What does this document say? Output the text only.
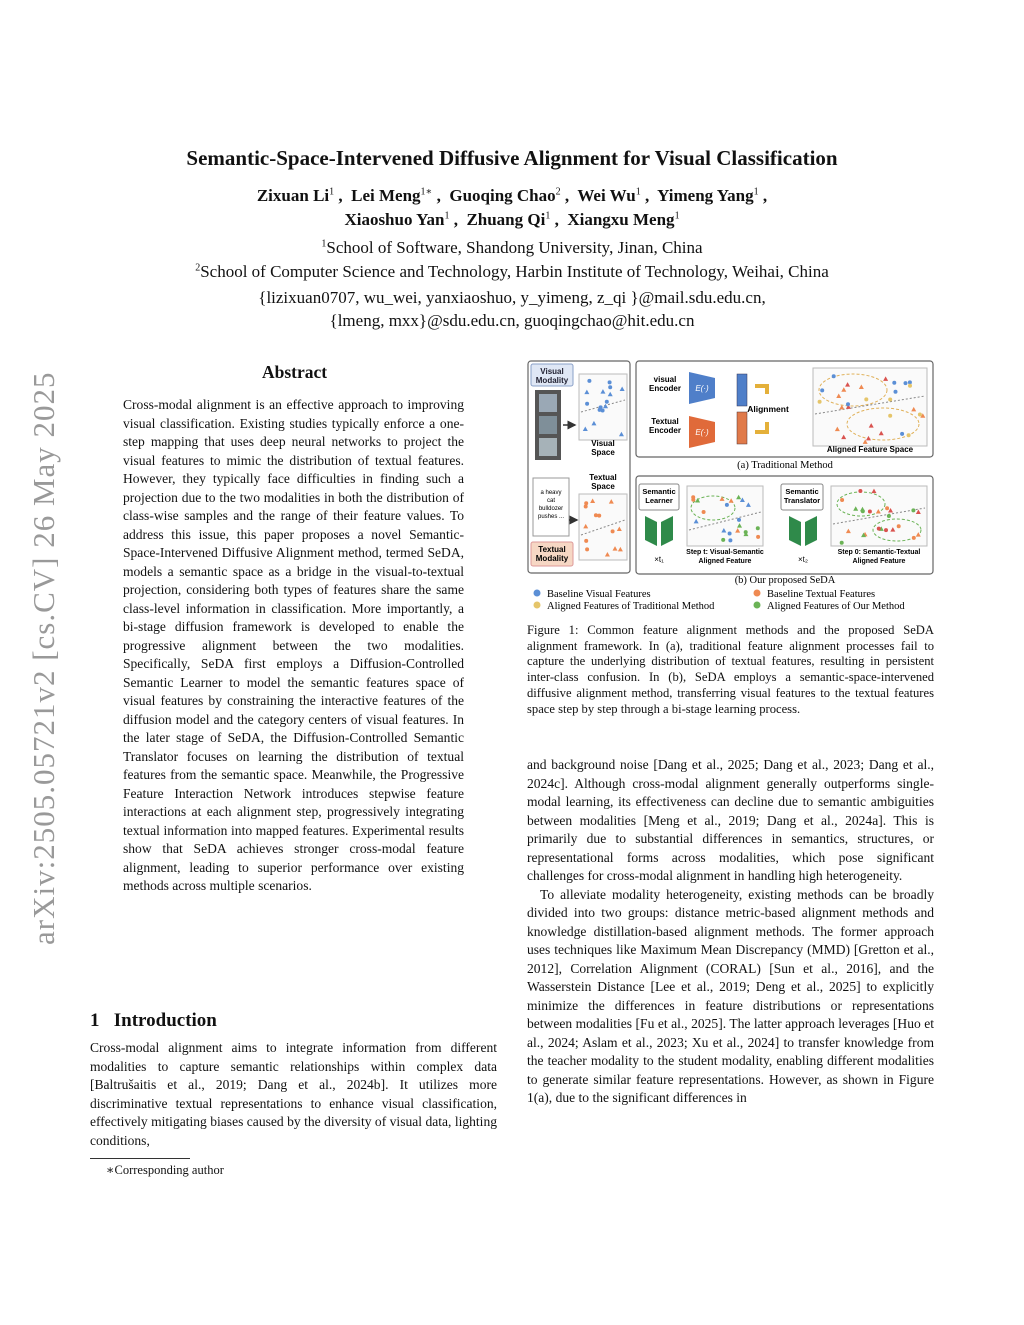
arXiv:2505.05721v2 [cs.CV] 26 May 2025
Semantic-Space-Intervened Diffusive Alignment for Visual Classification
Zixuan Li$^1$ ,  Lei Meng$^{1∗}$ ,  Guoqing Chao$^2$ ,  Wei Wu$^1$ ,  Yimeng Yang$^1$ ,
Xiaoshuo Yan$^1$ ,  Zhuang Qi$^1$ ,  Xiangxu Meng$^1$
$^1$School of Software, Shandong University, Jinan, China
$^2$School of Computer Science and Technology, Harbin Institute of Technology, Weihai, China
{lizixuan0707, wu_wei, yanxiaoshuo, y_yimeng, z_qi }@mail.sdu.edu.cn,
{lmeng, mxx}@sdu.edu.cn, guoqingchao@hit.edu.cn
Abstract
Cross-modal alignment is an effective approach to improving visual classification. Existing studies typically enforce a one-step mapping that uses deep neural networks to project the visual features to mimic the distribution of textual features. However, they typically face difficulties in finding such a projection due to the two modalities in both the distribution of class-wise samples and the range of their feature values. To address this issue, this paper proposes a novel Semantic-Space-Intervened Diffusive Alignment method, termed SeDA, models a semantic space as a bridge in the visual-to-textual projection, considering both types of features share the same class-level information in classification. More importantly, a bi-stage diffusion framework is developed to enable the progressive alignment between the two modalities. Specifically, SeDA first employs a Diffusion-Controlled Semantic Learner to model the semantic features space of visual features by constraining the interactive features of the diffusion model and the category centers of visual features. In the later stage of SeDA, the Diffusion-Controlled Semantic Translator focuses on learning the distribution of textual features from the semantic space. Meanwhile, the Progressive Feature Interaction Network introduces stepwise feature interactions at each alignment step, progressively integrating textual information into mapped features. Experimental results show that SeDA achieves stronger cross-modal feature alignment, leading to superior performance over existing methods across multiple scenarios.
1 Introduction
Cross-modal alignment aims to integrate information from different modalities to capture semantic relationships within complex data [Baltrušaitis et al., 2019; Dang et al., 2024b]. It utilizes more discriminative textual representations to enhance visual classification, effectively mitigating biases caused by the diversity of visual data, lighting conditions,
∗Corresponding author
Visual Modality
Visual Space
Textual Space
a heavy cat bulldozer pushes ...
Textual Modality
visual Encoder E(·)
Textual Encoder E(·)
Alignment
Aligned Feature Space
(a) Traditional Method
Semantic Learner
×t₁
Step t: Visual-Semantic Aligned Feature
Semantic Translator
×t₂
Step 0: Semantic-Textual Aligned Feature
(b) Our proposed SeDA
Baseline Visual Features	Baseline Textual Features
Aligned Features of Traditional Method	Aligned Features of Our Method
Figure 1: Common feature alignment methods and the proposed SeDA alignment framework. In (a), traditional feature alignment processes fail to capture the underlying distribution of textual features, resulting in persistent inter-class confusion. In (b), SeDA employs a semantic-space-intervened diffusive alignment method, transferring visual features to the textual features space step by step through a bi-stage learning process.

and background noise [Dang et al., 2025; Dang et al., 2023; Dang et al., 2024c]. Although cross-modal alignment generally outperforms single-modal learning, its effectiveness can decline due to semantic ambiguities between modalities [Meng et al., 2019; Dang et al., 2024a]. This is primarily due to substantial differences in semantics, structures, or representational forms across modalities, which pose significant challenges for cross-modal alignment in handling high heterogeneity.

To alleviate modality heterogeneity, existing methods can be broadly divided into two groups: distance metric-based alignment methods and knowledge distillation-based alignment methods. The former approach uses techniques like Maximum Mean Discrepancy (MMD) [Gretton et al., 2012], Correlation Alignment (CORAL) [Sun et al., 2016], and the Wasserstein Distance [Lee et al., 2019; Deng et al., 2025] to explicitly minimize the differences in feature distributions or representations between modalities [Fu et al., 2025]. The latter approach leverages [Huo et al., 2024; Aslam et al., 2023; Xu et al., 2024] to transfer knowledge from the teacher modality to the student modality, enabling different modalities to generate similar feature representations. However, as shown in Figure 1(a), due to the significant differences in
